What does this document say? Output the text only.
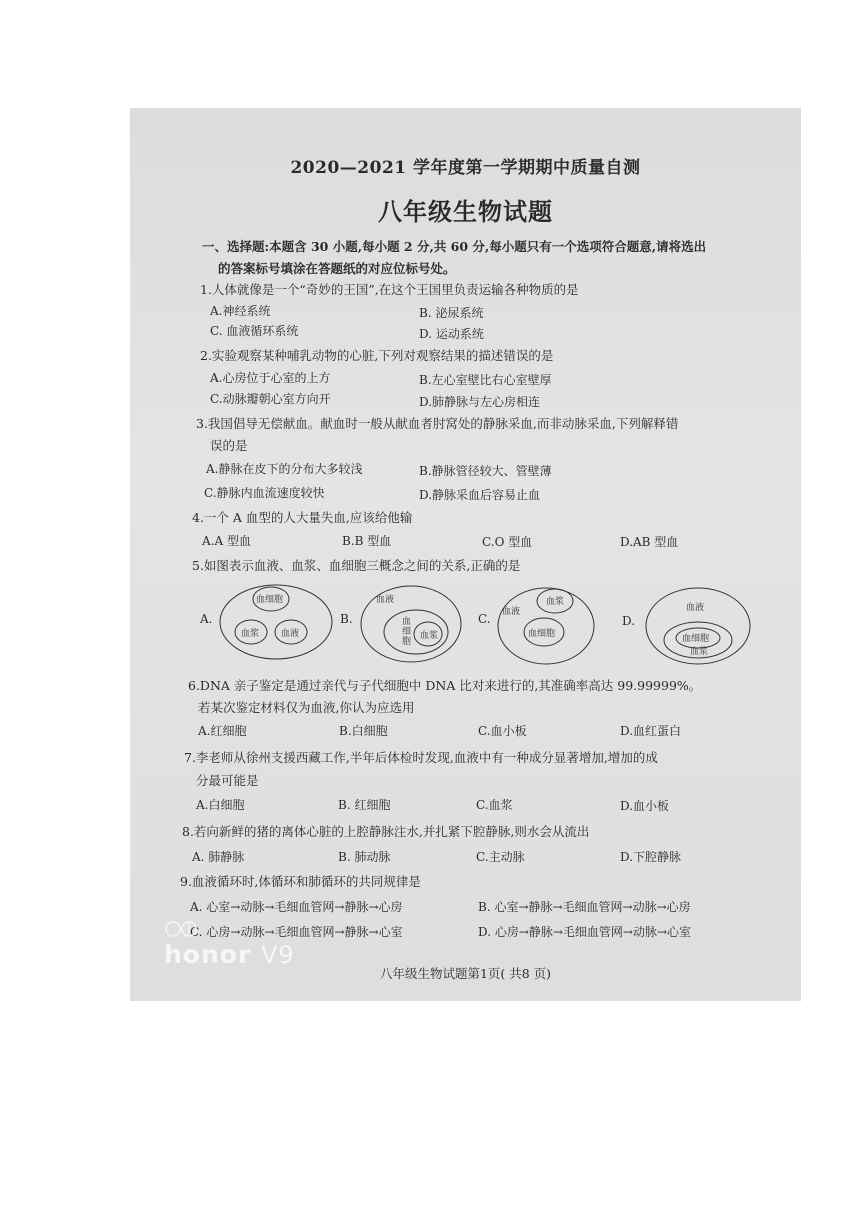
2020—2021 学年度第一学期期中质量自测
八年级生物试题
一、选择题:本题含 30 小题,每小题 2 分,共 60 分,每小题只有一个选项符合题意,请将选出
的答案标号填涂在答题纸的对应位标号处。
1.人体就像是一个“奇妙的王国”,在这个王国里负责运输各种物质的是
A.神经系统	B. 泌尿系统
C. 血液循环系统	D. 运动系统
2.实验观察某种哺乳动物的心脏,下列对观察结果的描述错误的是
A.心房位于心室的上方	B.左心室壁比右心室壁厚
C.动脉瓣朝心室方向开	D.肺静脉与左心房相连
3.我国倡导无偿献血。献血时一般从献血者肘窝处的静脉采血,而非动脉采血,下列解释错
误的是
A.静脉在皮下的分布大多较浅	B.静脉管径较大、管壁薄
C.静脉内血流速度较快	D.静脉采血后容易止血
4.一个 A 血型的人大量失血,应该给他输
A.A 型血	B.B 型血	C.O 型血	D.AB 型血
5.如图表示血液、血浆、血细胞三概念之间的关系,正确的是
A.
血细胞
血浆 血液
B.
血液
血
细
胞
血浆
C. 血液
血浆
血细胞
D.
血液
血细胞
血浆
6.DNA 亲子鉴定是通过亲代与子代细胞中 DNA 比对来进行的,其准确率高达 99.99999%。
若某次鉴定材料仅为血液,你认为应选用
A.红细胞	B.白细胞	C.血小板	D.血红蛋白
7.李老师从徐州支援西藏工作,半年后体检时发现,血液中有一种成分显著增加,增加的成
分最可能是
A.白细胞	B. 红细胞	C.血浆	D.血小板
8.若向新鲜的猪的离体心脏的上腔静脉注水,并扎紧下腔静脉,则水会从流出
A. 肺静脉	B. 肺动脉	C.主动脉	D.下腔静脉
9.血液循环时,体循环和肺循环的共同规律是
A. 心室→动脉→毛细血管网→静脉→心房	B. 心室→静脉→毛细血管网→动脉→心房
C. 心房→动脉→毛细血管网→静脉→心室	D. 心房→静脉→毛细血管网→动脉→心室
honor V9
八年级生物试题第1页( 共8 页)
